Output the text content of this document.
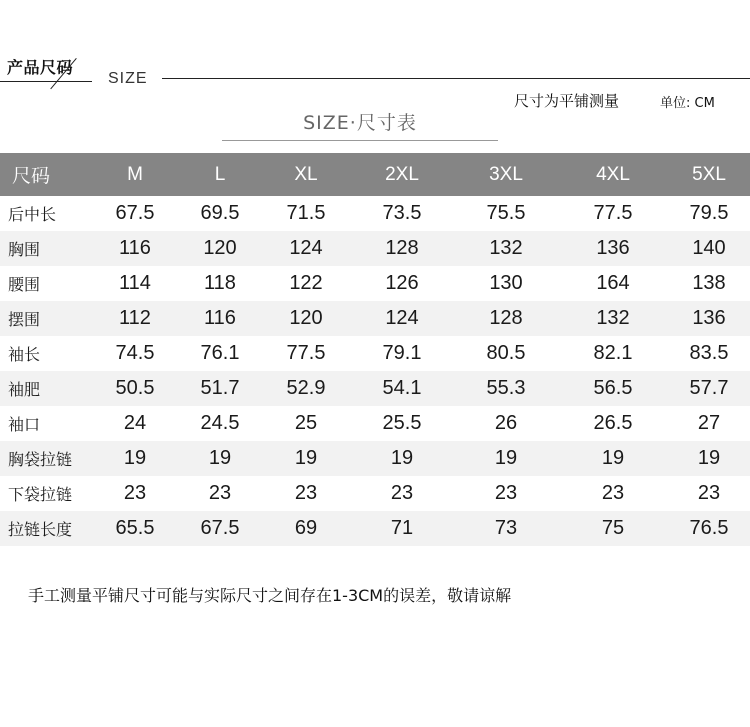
产品尺码
SIZE
尺寸为平铺测量	单位: CM
SIZE·尺寸表
尺码	M	L	XL	2XL	3XL	4XL	5XL
后中长	67.5	69.5	71.5	73.5	75.5	77.5	79.5
胸围	116	120	124	128	132	136	140
腰围	114	118	122	126	130	164	138
摆围	112	116	120	124	128	132	136
袖长	74.5	76.1	77.5	79.1	80.5	82.1	83.5
袖肥	50.5	51.7	52.9	54.1	55.3	56.5	57.7
袖口	24	24.5	25	25.5	26	26.5	27
胸袋拉链	19	19	19	19	19	19	19
下袋拉链	23	23	23	23	23	23	23
拉链长度	65.5	67.5	69	71	73	75	76.5
手工测量平铺尺寸可能与实际尺寸之间存在1-3CM的误差，敬请谅解
